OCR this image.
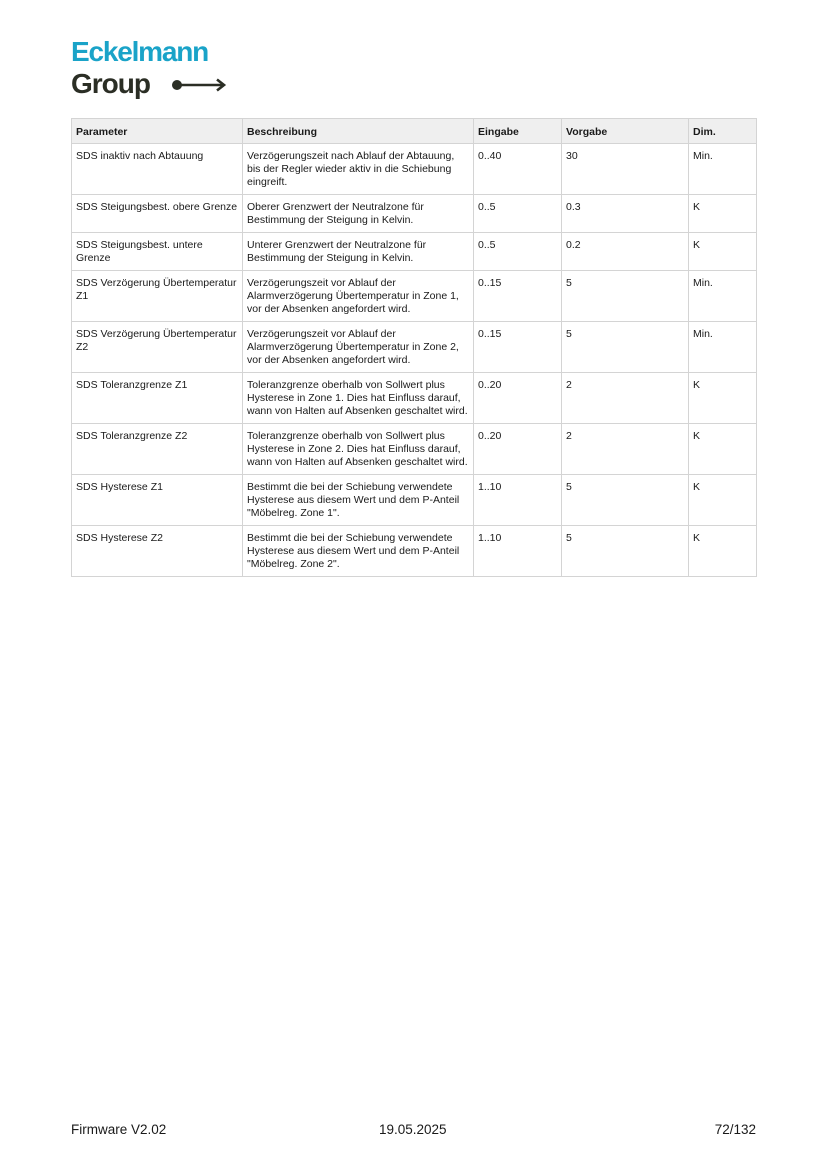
Eckelmann
Group
Parameter	Beschreibung	Eingabe	Vorgabe	Dim.
SDS inaktiv nach Abtauung	Verzögerungszeit nach Ablauf der Abtauung, bis der Regler wieder aktiv in die Schiebung eingreift.	0..40	30	Min.
SDS Steigungsbest. obere Grenze	Oberer Grenzwert der Neutralzone für Bestimmung der Steigung in Kelvin.	0..5	0.3	K
SDS Steigungsbest. untere Grenze	Unterer Grenzwert der Neutralzone für Bestimmung der Steigung in Kelvin.	0..5	0.2	K
SDS Verzögerung Übertemperatur Z1	Verzögerungszeit vor Ablauf der Alarmverzögerung Übertemperatur in Zone 1, vor der Absenken angefordert wird.	0..15	5	Min.
SDS Verzögerung Übertemperatur Z2	Verzögerungszeit vor Ablauf der Alarmverzögerung Übertemperatur in Zone 2, vor der Absenken angefordert wird.	0..15	5	Min.
SDS Toleranzgrenze Z1	Toleranzgrenze oberhalb von Sollwert plus Hysterese in Zone 1. Dies hat Einfluss darauf, wann von Halten auf Absenken geschaltet wird.	0..20	2	K
SDS Toleranzgrenze Z2	Toleranzgrenze oberhalb von Sollwert plus Hysterese in Zone 2. Dies hat Einfluss darauf, wann von Halten auf Absenken geschaltet wird.	0..20	2	K
SDS Hysterese Z1	Bestimmt die bei der Schiebung verwendete Hysterese aus diesem Wert und dem P-Anteil "Möbelreg. Zone 1".	1..10	5	K
SDS Hysterese Z2	Bestimmt die bei der Schiebung verwendete Hysterese aus diesem Wert und dem P-Anteil "Möbelreg. Zone 2".	1..10	5	K
Firmware V2.02	19.05.2025	72/132
